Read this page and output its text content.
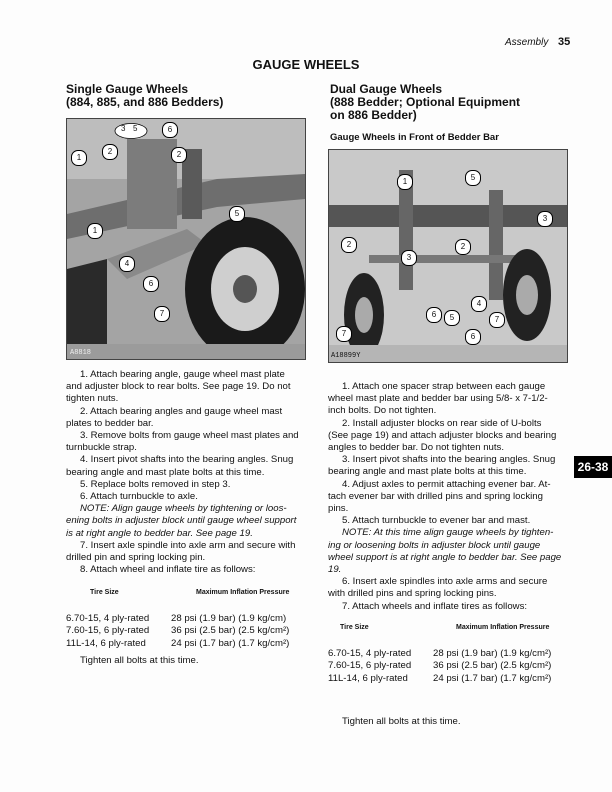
Assembly 35
GAUGE WHEELS
Single Gauge Wheels
(884, 885, and 886 Bedders)
A8818
3 5	6
1
2	2
1
5
4
6
7

1. Attach bearing angle, gauge wheel mast plate

and adjuster block to rear bolts. See page 19. Do not

tighten nuts.

2. Attach bearing angles and gauge wheel mast

plates to bedder bar.

3. Remove bolts from gauge wheel mast plates and

turnbuckle strap.

4. Insert pivot shafts into the bearing angles. Snug

bearing angle and mast plate bolts at this time.

5. Replace bolts removed in step 3.

6. Attach turnbuckle to axle.

NOTE: Align gauge wheels by tightening or loos-

ening bolts in adjuster block until gauge wheel support

is at right angle to bedder bar. See page 19.

7. Insert axle spindle into axle arm and secure with

drilled pin and spring locking pin.

8. Attach wheel and inflate tire as follows:

Tire Size	Maximum Inflation Pressure
6.70-15, 4 ply-rated	28 psi (1.9 bar) (1.9 kg/cm)
7.60-15, 6 ply-rated	36 psi (2.5 bar) (2.5 kg/cm²)
11L-14, 6 ply-rated	24 psi (1.7 bar) (1.7 kg/cm²)
Tighten all bolts at this time.
Dual Gauge Wheels
(888 Bedder; Optional Equipment
on 886 Bedder)
Gauge Wheels in Front of Bedder Bar
A18899Y
1	5
3
2
3
2
4
6	5	7
7	6

1. Attach one spacer strap between each gauge

wheel mast plate and bedder bar using 5/8- x 7-1/2-

inch bolts. Do not tighten.

2. Install adjuster blocks on rear side of U-bolts

(See page 19) and attach adjuster blocks and bearing

angles to bedder bar. Do not tighten nuts.

3. Insert pivot shafts into the bearing angles. Snug

bearing angle and mast plate bolts at this time.

4. Adjust axles to permit attaching evener bar. At-

tach evener bar with drilled pins and spring locking

pins.

5. Attach turnbuckle to evener bar and mast.

NOTE: At this time align gauge wheels by tighten-

ing or loosening bolts in adjuster block until gauge

wheel support is at right angle to bedder bar. See page

19.

6. Insert axle spindles into axle arms and secure

with drilled pins and spring locking pins.

7. Attach wheels and inflate tires as follows:

Tire Size	Maximum Inflation Pressure
6.70-15, 4 ply-rated	28 psi (1.9 bar) (1.9 kg/cm²)
7.60-15, 6 ply-rated	36 psi (2.5 bar) (2.5 kg/cm²)
11L-14, 6 ply-rated	24 psi (1.7 bar) (1.7 kg/cm²)
Tighten all bolts at this time.
26-38
